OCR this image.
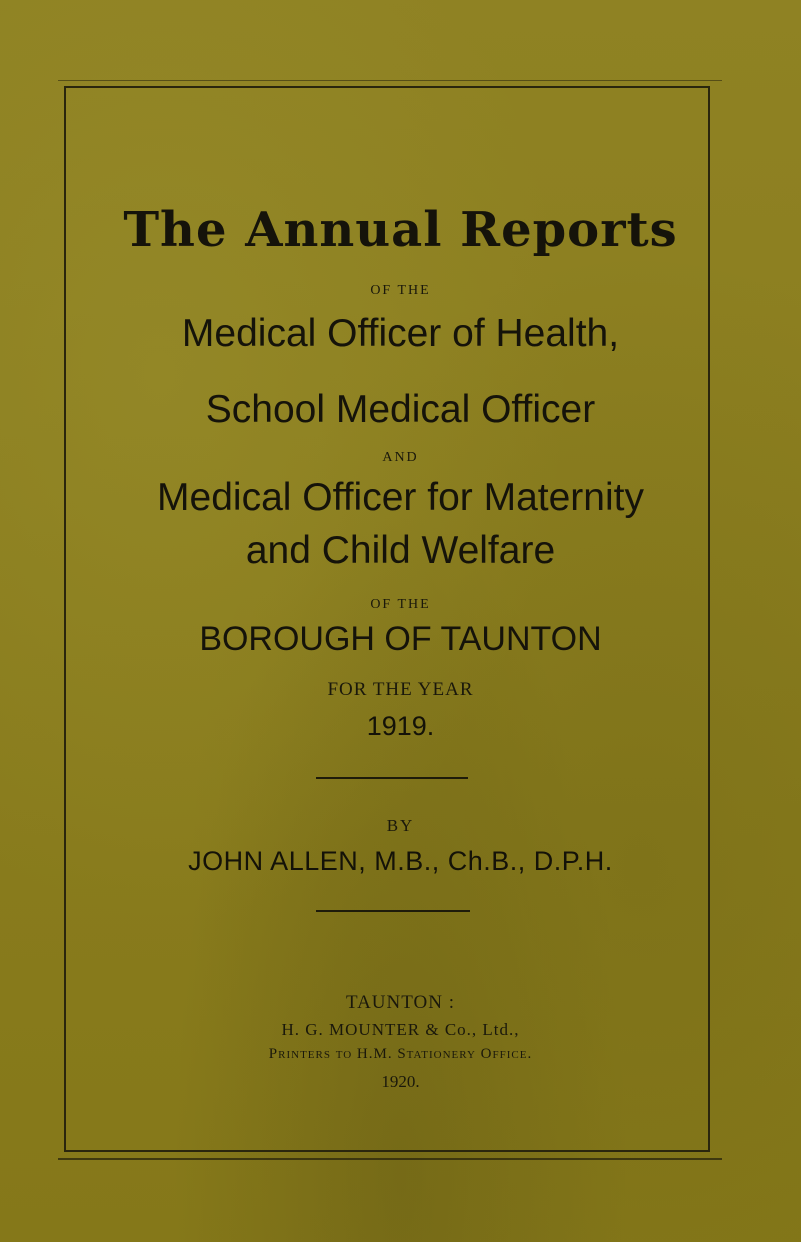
The Annual Reports
OF THE
Medical Officer of Health,
School Medical Officer
AND
Medical Officer for Maternity
and Child Welfare
OF THE
BOROUGH OF TAUNTON
FOR THE YEAR
1919.
BY
JOHN ALLEN, M.B., Ch.B., D.P.H.
TAUNTON :
H. G. MOUNTER & Co., Ltd.,
Printers to H.M. Stationery Office.
1920.
